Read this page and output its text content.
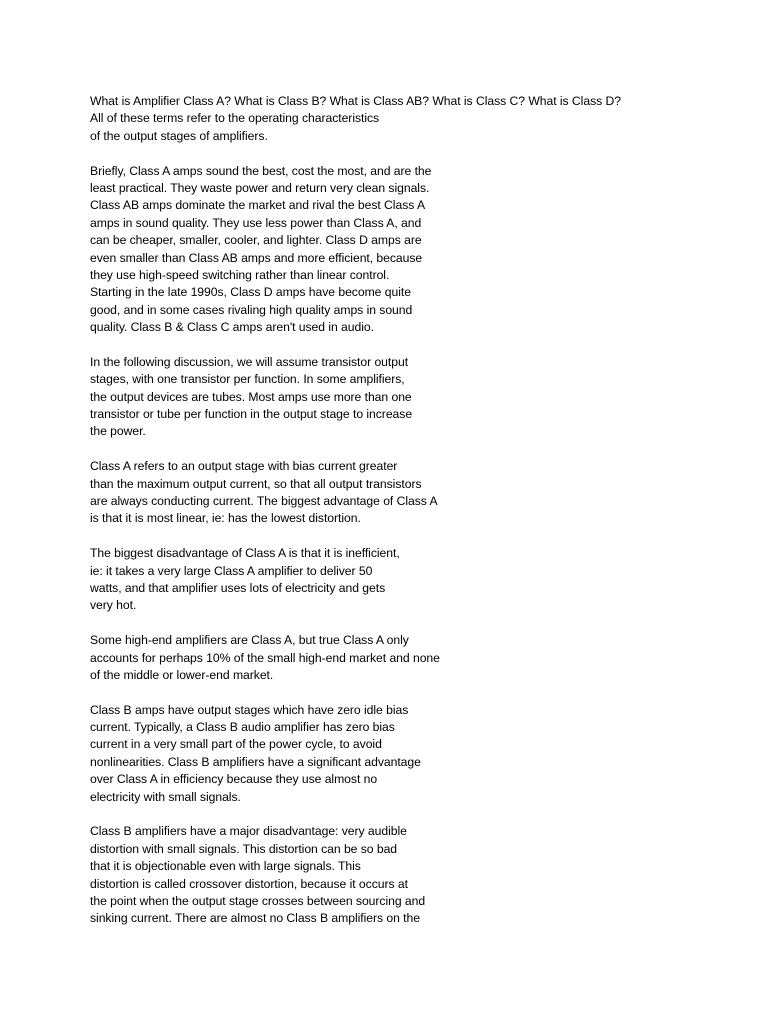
What is Amplifier Class A? What is Class B? What is Class AB? What is Class C? What is Class D?
All of these terms refer to the operating characteristics
of the output stages of amplifiers.
Briefly, Class A amps sound the best, cost the most, and are the
least practical. They waste power and return very clean signals.
Class AB amps dominate the market and rival the best Class A
amps in sound quality. They use less power than Class A, and
can be cheaper, smaller, cooler, and lighter. Class D amps are
even smaller than Class AB amps and more efficient, because
they use high-speed switching rather than linear control.
Starting in the late 1990s, Class D amps have become quite
good, and in some cases rivaling high quality amps in sound
quality. Class B & Class C amps aren't used in audio.
In the following discussion, we will assume transistor output
stages, with one transistor per function. In some amplifiers,
the output devices are tubes. Most amps use more than one
transistor or tube per function in the output stage to increase
the power.
Class A refers to an output stage with bias current greater
than the maximum output current, so that all output transistors
are always conducting current. The biggest advantage of Class A
is that it is most linear, ie: has the lowest distortion.
The biggest disadvantage of Class A is that it is inefficient,
ie: it takes a very large Class A amplifier to deliver 50
watts, and that amplifier uses lots of electricity and gets
very hot.
Some high-end amplifiers are Class A, but true Class A only
accounts for perhaps 10% of the small high-end market and none
of the middle or lower-end market.
Class B amps have output stages which have zero idle bias
current. Typically, a Class B audio amplifier has zero bias
current in a very small part of the power cycle, to avoid
nonlinearities. Class B amplifiers have a significant advantage
over Class A in efficiency because they use almost no
electricity with small signals.
Class B amplifiers have a major disadvantage: very audible
distortion with small signals. This distortion can be so bad
that it is objectionable even with large signals. This
distortion is called crossover distortion, because it occurs at
the point when the output stage crosses between sourcing and
sinking current. There are almost no Class B amplifiers on the
